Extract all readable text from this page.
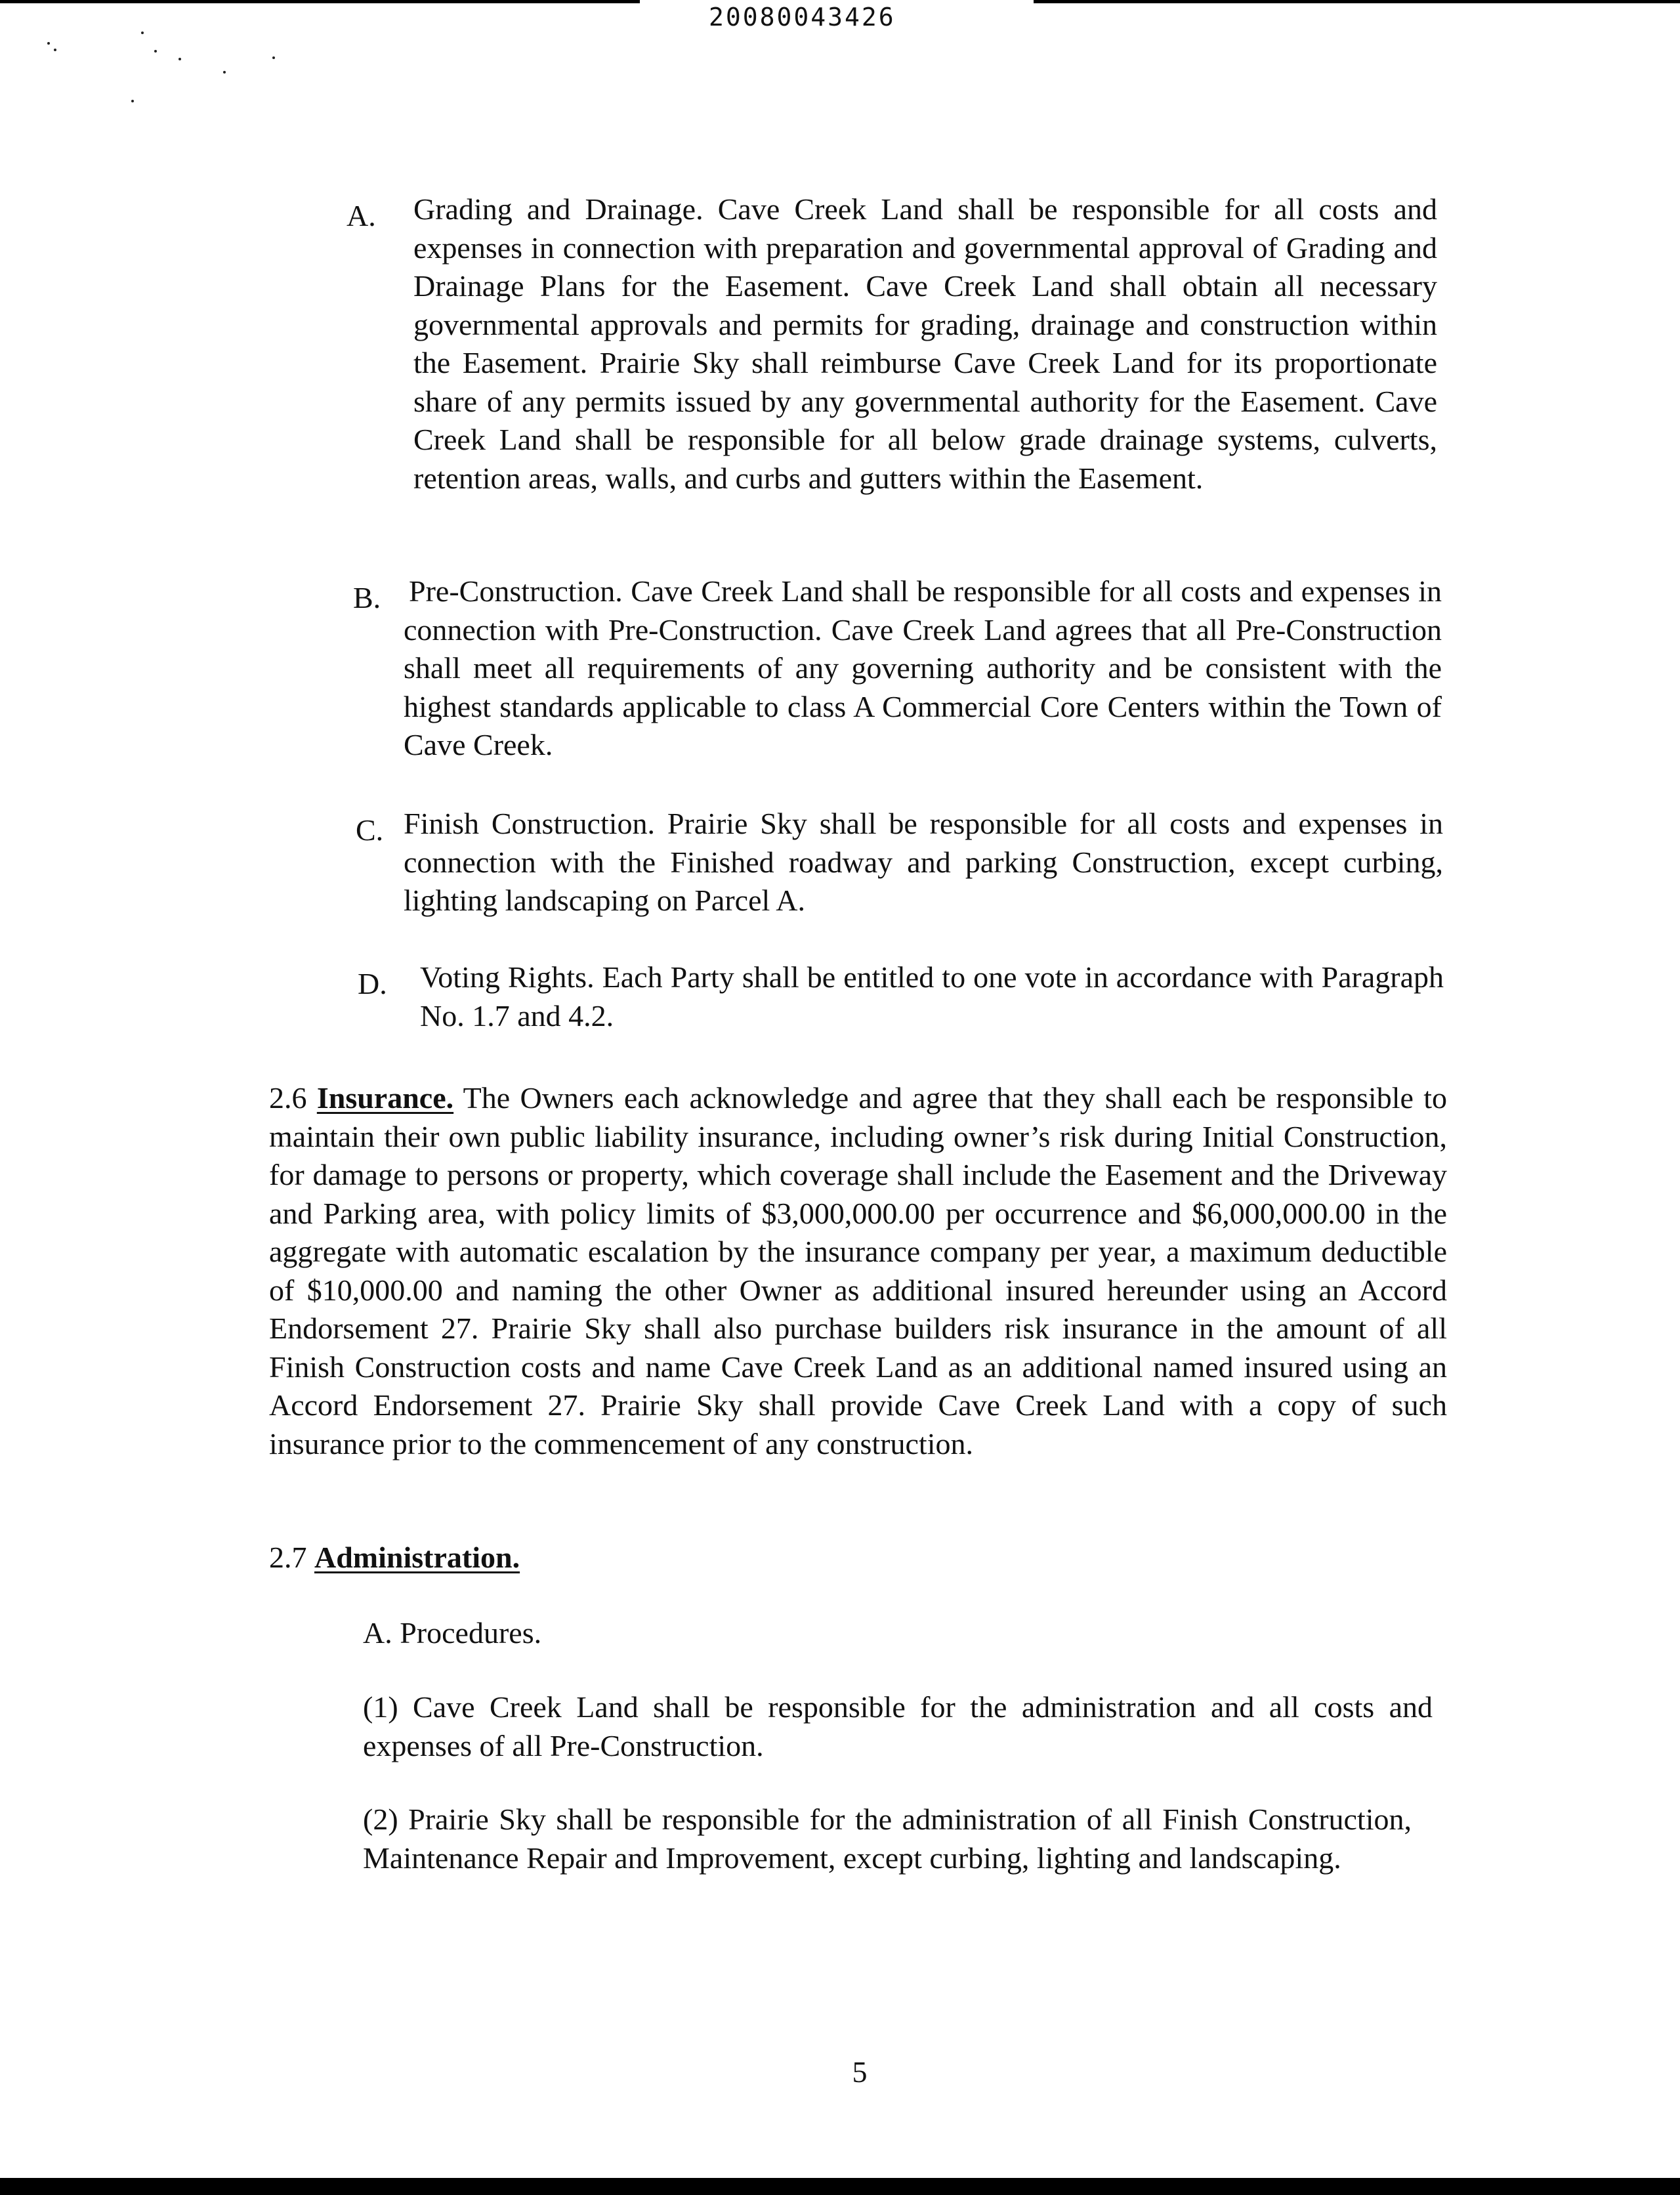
20080043426
A. Grading and Drainage. Cave Creek Land shall be responsible for all costs and expenses in connection with preparation and governmental approval of Grading and Drainage Plans for the Easement. Cave Creek Land shall obtain all necessary governmental approvals and permits for grading, drainage and construction within the Easement. Prairie Sky shall reimburse Cave Creek Land for its proportionate share of any permits issued by any governmental authority for the Easement. Cave Creek Land shall be responsible for all below grade drainage systems, culverts, retention areas, walls, and curbs and gutters within the Easement.
B. Pre-Construction. Cave Creek Land shall be responsible for all costs and expenses in connection with Pre-Construction. Cave Creek Land agrees that all Pre-Construction shall meet all requirements of any governing authority and be consistent with the highest standards applicable to class A Commercial Core Centers within the Town of Cave Creek.
C. Finish Construction. Prairie Sky shall be responsible for all costs and expenses in connection with the Finished roadway and parking Construction, except curbing, lighting landscaping on Parcel A.
D. Voting Rights. Each Party shall be entitled to one vote in accordance with Paragraph No. 1.7 and 4.2.
2.6 Insurance. The Owners each acknowledge and agree that they shall each be responsible to maintain their own public liability insurance, including owner’s risk during Initial Construction, for damage to persons or property, which coverage shall include the Easement and the Driveway and Parking area, with policy limits of $3,000,000.00 per occurrence and $6,000,000.00 in the aggregate with automatic escalation by the insurance company per year, a maximum deductible of $10,000.00 and naming the other Owner as additional insured hereunder using an Accord Endorsement 27. Prairie Sky shall also purchase builders risk insurance in the amount of all Finish Construction costs and name Cave Creek Land as an additional named insured using an Accord Endorsement 27. Prairie Sky shall provide Cave Creek Land with a copy of such insurance prior to the commencement of any construction.
2.7 Administration.
A. Procedures.
(1) Cave Creek Land shall be responsible for the administration and all costs and expenses of all Pre-Construction.
(2) Prairie Sky shall be responsible for the administration of all Finish Construction, Maintenance Repair and Improvement, except curbing, lighting and landscaping.
5
